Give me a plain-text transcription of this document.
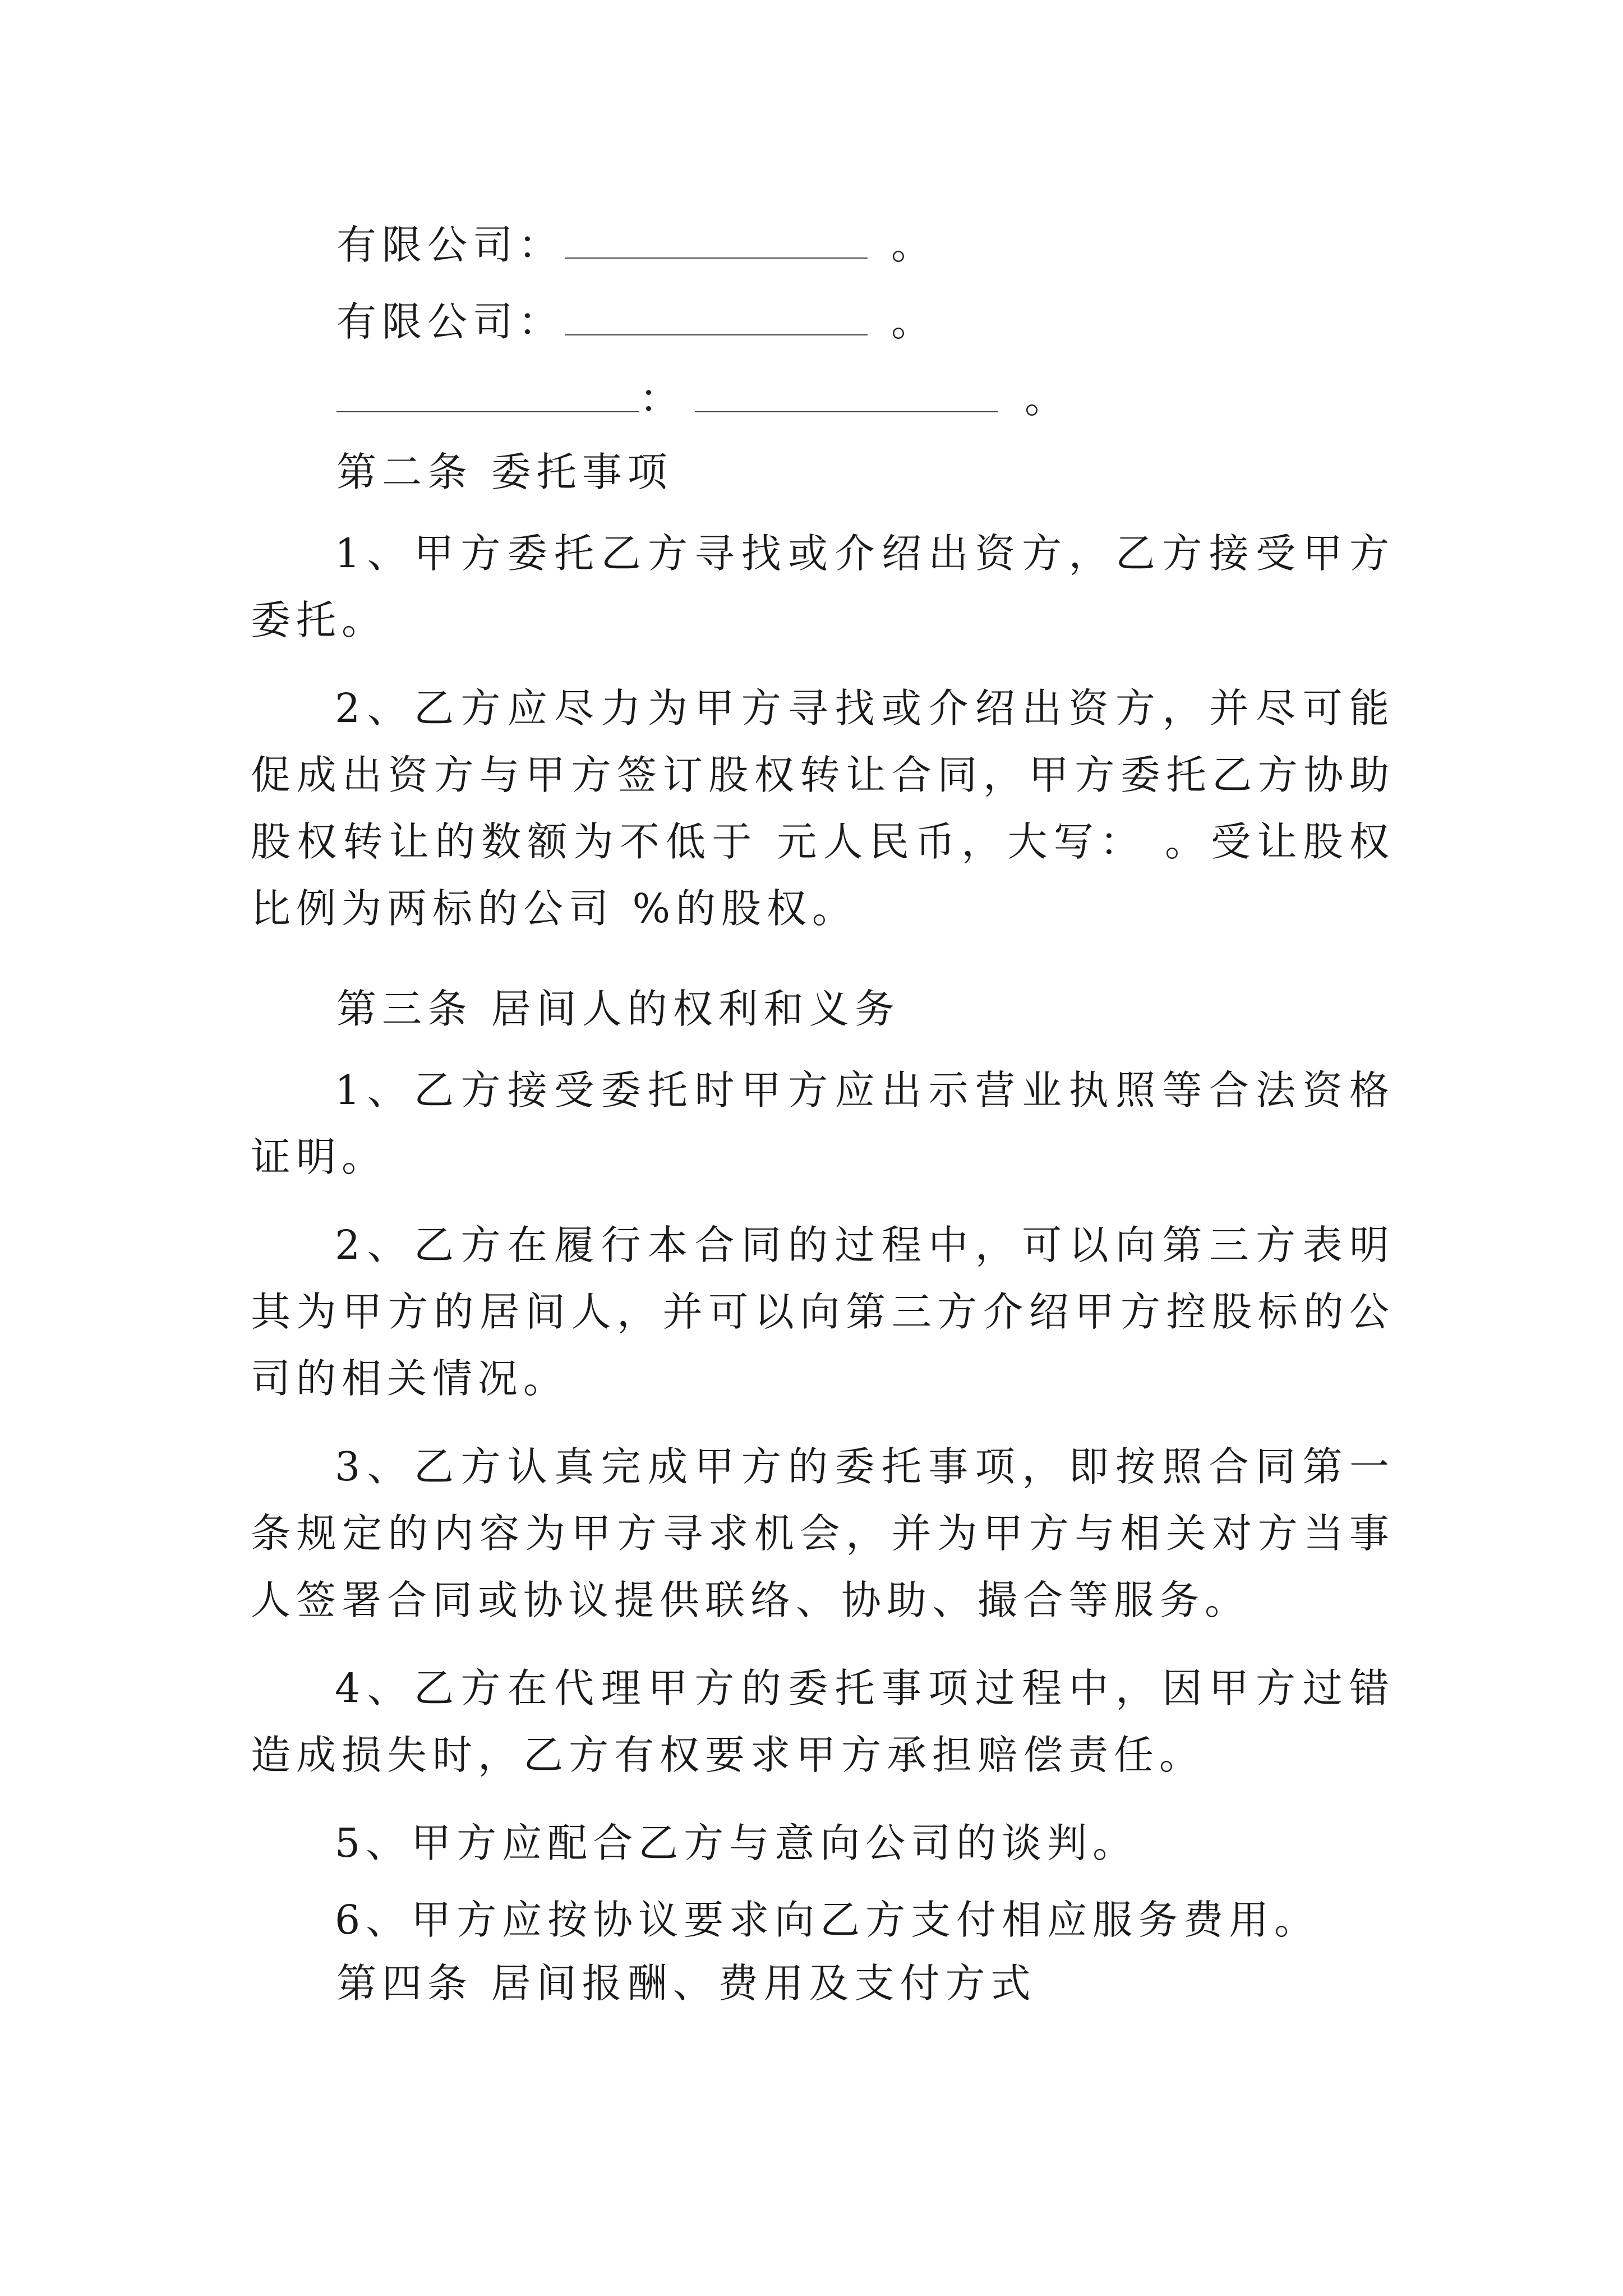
有限公司：	。
有限公司：	。
：	。
第二条 委托事项
1、甲方委托乙方寻找或介绍出资方，乙方接受甲方委托。
2、乙方应尽力为甲方寻找或介绍出资方，并尽可能促成出资方与甲方签订股权转让合同，甲方委托乙方协助股权转让的数额为不低于 元人民币，大写： 。受让股权比例为两标的公司 %的股权。
第三条 居间人的权利和义务
1、乙方接受委托时甲方应出示营业执照等合法资格证明。
2、乙方在履行本合同的过程中，可以向第三方表明其为甲方的居间人，并可以向第三方介绍甲方控股标的公司的相关情况。
3、乙方认真完成甲方的委托事项，即按照合同第一条规定的内容为甲方寻求机会，并为甲方与相关对方当事人签署合同或协议提供联络、协助、撮合等服务。
4、乙方在代理甲方的委托事项过程中，因甲方过错造成损失时，乙方有权要求甲方承担赔偿责任。
5、甲方应配合乙方与意向公司的谈判。
6、甲方应按协议要求向乙方支付相应服务费用。
第四条 居间报酬、费用及支付方式
